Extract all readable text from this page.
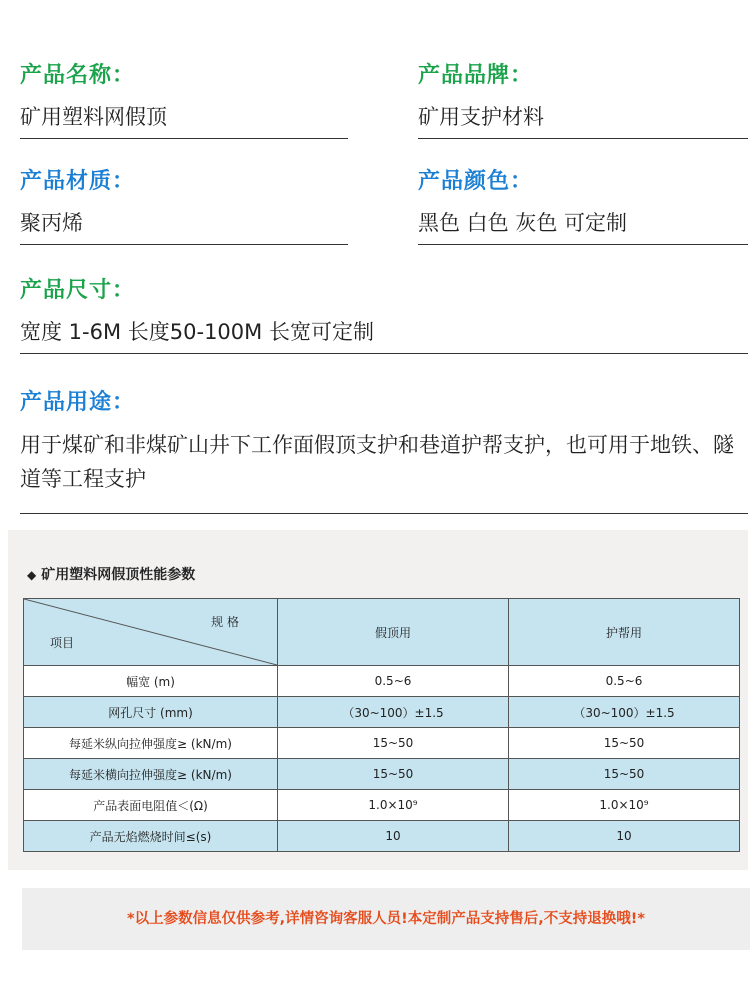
产品名称：
矿用塑料网假顶
产品品牌：
矿用支护材料
产品材质：
聚丙烯
产品颜色：
黑色 白色 灰色 可定制
产品尺寸：
宽度 1-6M 长度50-100M 长宽可定制
产品用途：
用于煤矿和非煤矿山井下工作面假顶支护和巷道护帮支护，也可用于地铁、隧道等工程支护
◆ 矿用塑料网假顶性能参数
规 格
项目	假顶用	护帮用
幅宽 (m)	0.5~6	0.5~6
网孔尺寸 (mm)	（30~100）±1.5	（30~100）±1.5
每延米纵向拉伸强度≥ (kN/m)	15~50	15~50
每延米横向拉伸强度≥ (kN/m)	15~50	15~50
产品表面电阻值＜(Ω)	1.0×10⁹	1.0×10⁹
产品无焰燃烧时间≤(s)	10	10
*以上参数信息仅供参考,详情咨询客服人员!本定制产品支持售后,不支持退换哦!*
